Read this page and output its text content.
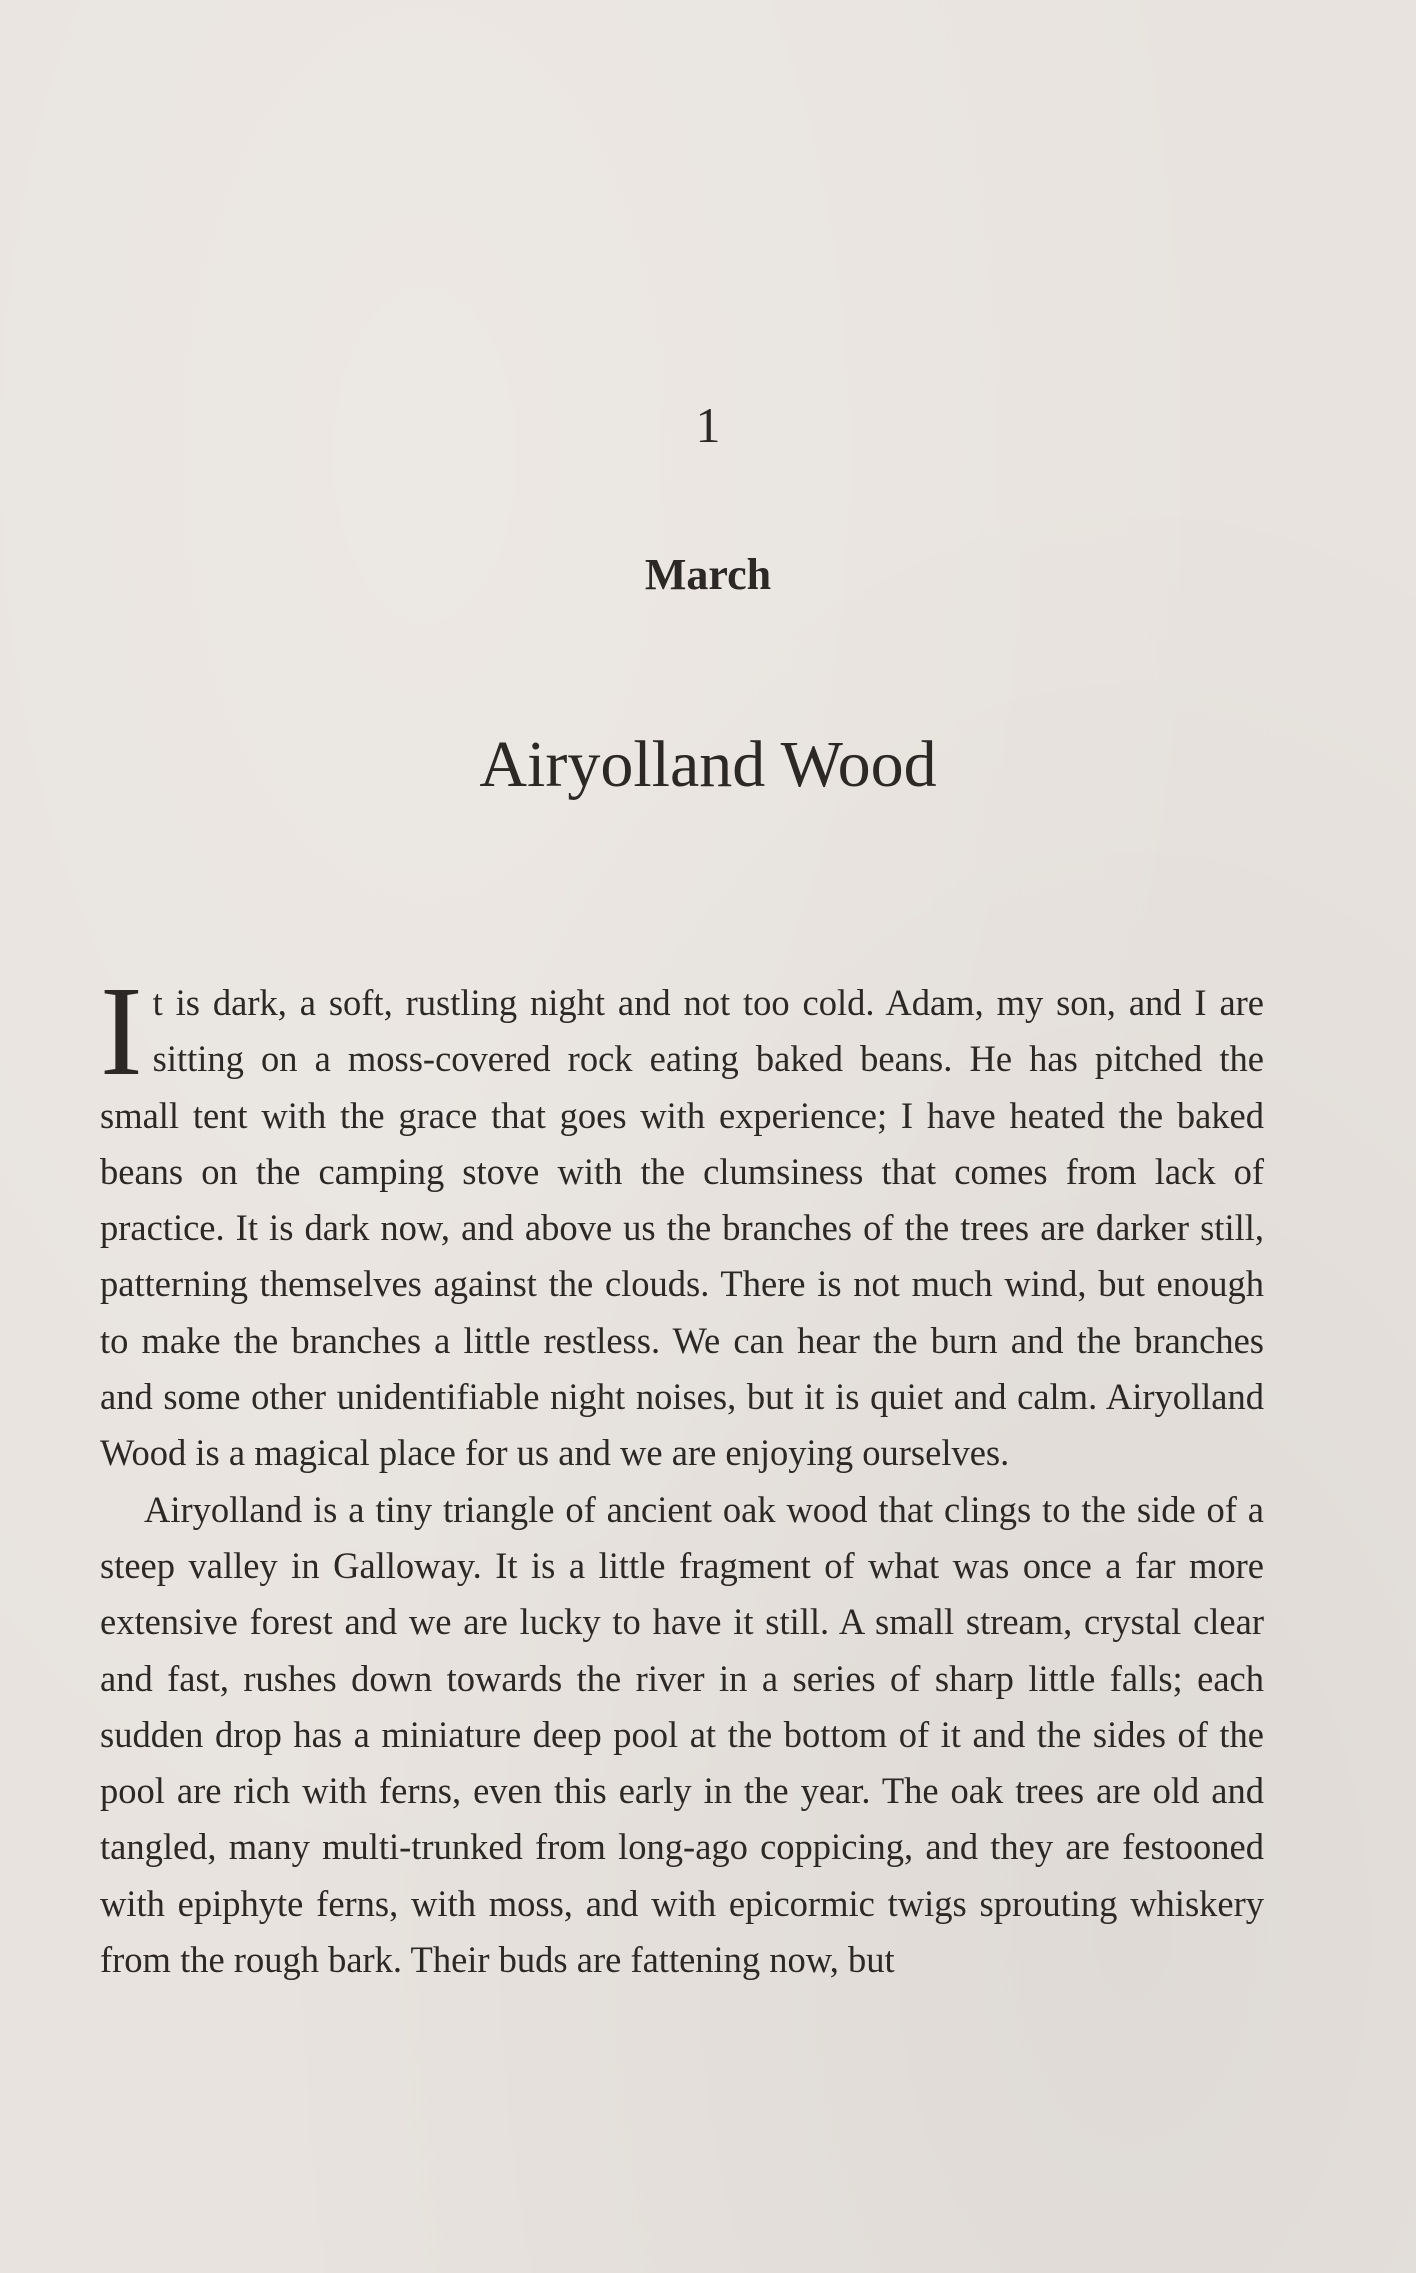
1
March
Airyolland Wood

It is dark, a soft, rustling night and not too cold. Adam, my son, and I are sitting on a moss-covered rock eating baked beans. He has pitched the small tent with the grace that goes with experience; I have heated the baked beans on the camping stove with the clumsiness that comes from lack of practice. It is dark now, and above us the branches of the trees are darker still, patterning themselves against the clouds. There is not much wind, but enough to make the branches a little restless. We can hear the burn and the branches and some other unidentifiable night noises, but it is quiet and calm. Airyolland Wood is a magical place for us and we are enjoying ourselves.

Airyolland is a tiny triangle of ancient oak wood that clings to the side of a steep valley in Galloway. It is a little fragment of what was once a far more extensive forest and we are lucky to have it still. A small stream, crystal clear and fast, rushes down towards the river in a series of sharp little falls; each sudden drop has a miniature deep pool at the bottom of it and the sides of the pool are rich with ferns, even this early in the year. The oak trees are old and tangled, many multi-trunked from long-ago coppicing, and they are festooned with epiphyte ferns, with moss, and with epicormic twigs sprouting whiskery from the rough bark. Their buds are fattening now, but
